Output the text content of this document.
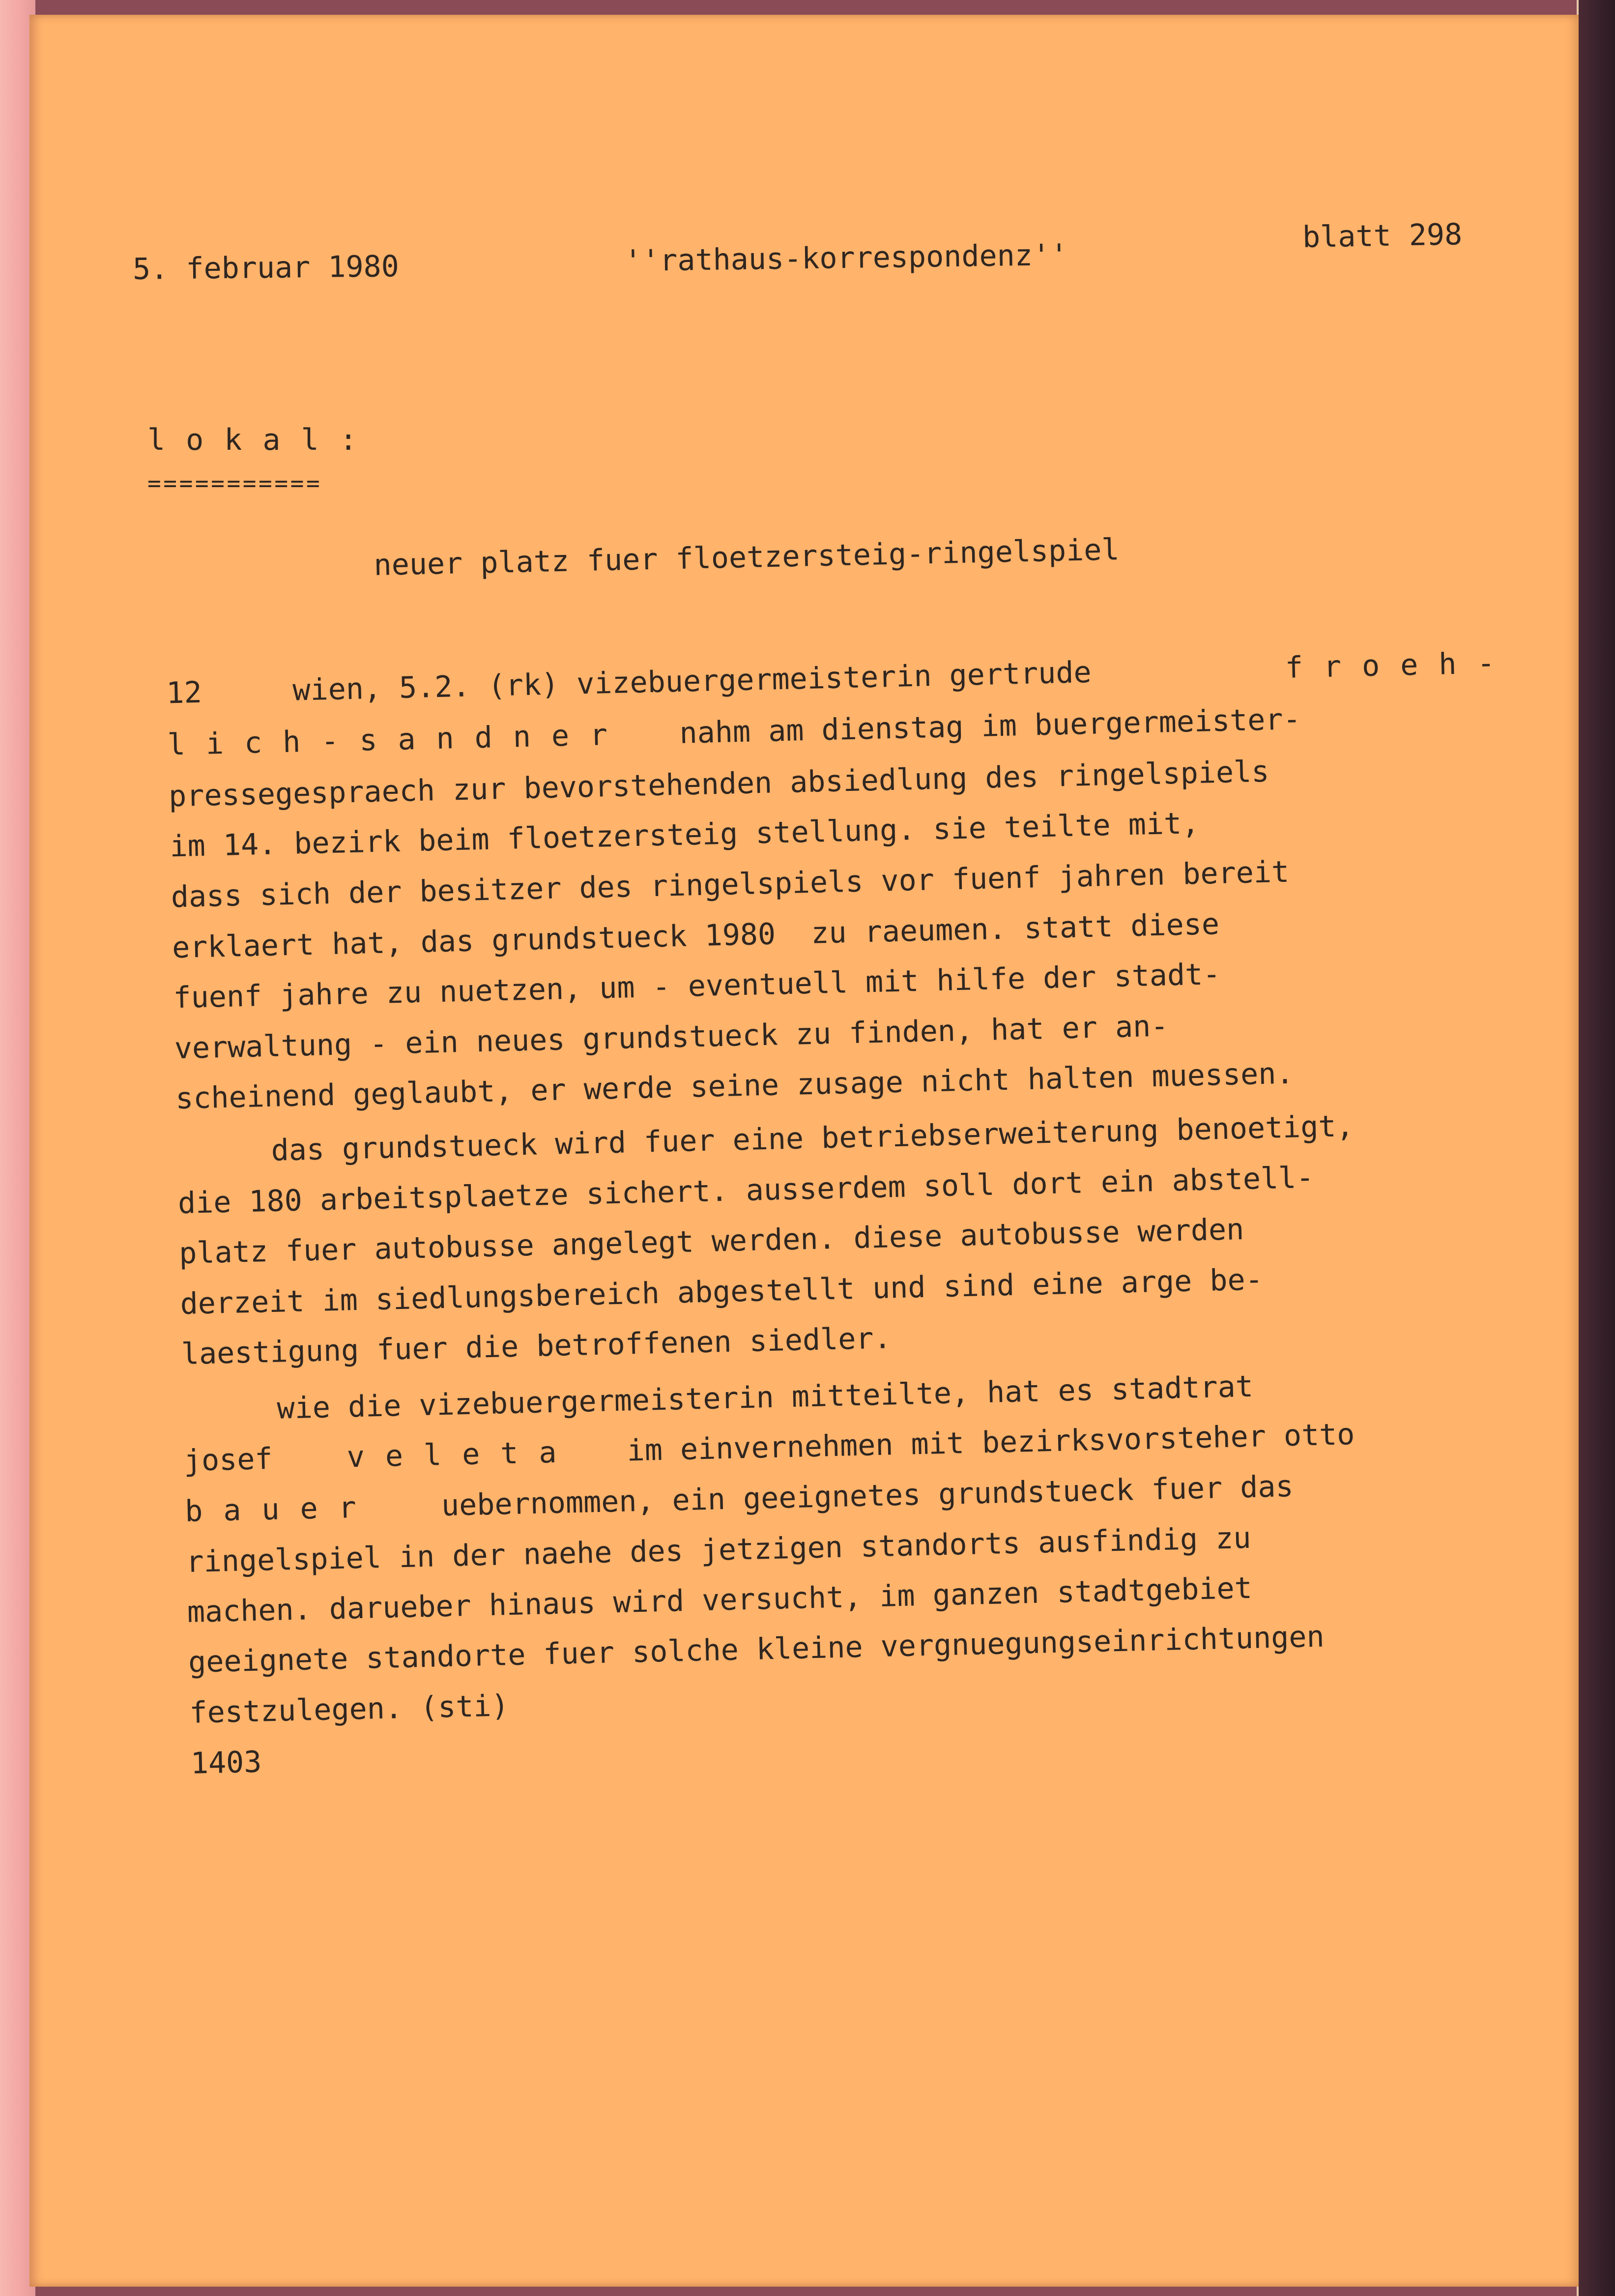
5. februar 1980	''rathaus-korrespondenz''
blatt 298
lokal:
===========
neuer platz fuer floetzersteig-ringelspiel
12	wien, 5.2. (rk) vizebuergermeisterin gertrude	froeh-
lich-sandner nahm am dienstag im buergermeister-
pressegespraech zur bevorstehenden absiedlung des ringelspiels
im 14. bezirk beim floetzersteig stellung. sie teilte mit,
dass sich der besitzer des ringelspiels vor fuenf jahren bereit
erklaert hat, das grundstueck 1980  zu raeumen. statt diese
fuenf jahre zu nuetzen, um - eventuell mit hilfe der stadt-
verwaltung - ein neues grundstueck zu finden, hat er an-
scheinend geglaubt, er werde seine zusage nicht halten muessen.
das grundstueck wird fuer eine betriebserweiterung benoetigt,
die 180 arbeitsplaetze sichert. ausserdem soll dort ein abstell-
platz fuer autobusse angelegt werden. diese autobusse werden
derzeit im siedlungsbereich abgestellt und sind eine arge be-
laestigung fuer die betroffenen siedler.
wie die vizebuergermeisterin mitteilte, hat es stadtrat
josef veleta im einvernehmen mit bezirksvorsteher otto
bauer uebernommen, ein geeignetes grundstueck fuer das
ringelspiel in der naehe des jetzigen standorts ausfindig zu
machen. darueber hinaus wird versucht, im ganzen stadtgebiet
geeignete standorte fuer solche kleine vergnuegungseinrichtungen
festzulegen. (sti)
1403
